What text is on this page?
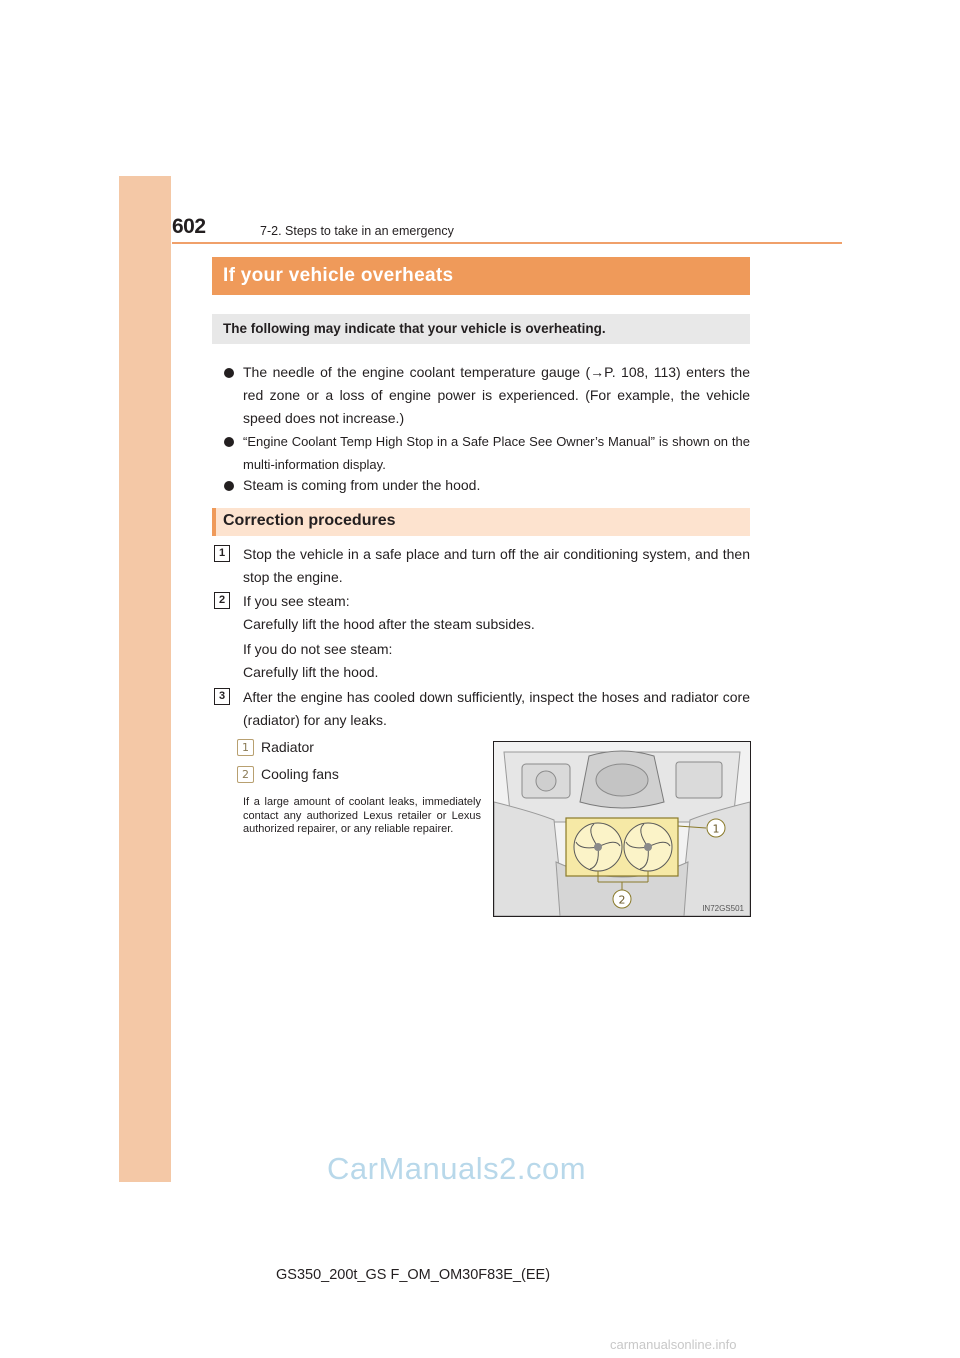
602	7-2. Steps to take in an emergency
If your vehicle overheats
The following may indicate that your vehicle is overheating.
The needle of the engine coolant temperature gauge (→P. 108, 113) enters the red zone or a loss of engine power is experienced. (For example, the vehicle speed does not increase.)
“Engine Coolant Temp High Stop in a Safe Place See Owner’s Manual” is shown on the multi-information display.
Steam is coming from under the hood.
Correction procedures
1	Stop the vehicle in a safe place and turn off the air conditioning system, and then stop the engine.
2	If you see steam:
Carefully lift the hood after the steam subsides.
If you do not see steam:
Carefully lift the hood.
3	After the engine has cooled down sufficiently, inspect the hoses and radiator core (radiator) for any leaks.
1 Radiator
2 Cooling fans
If a large amount of coolant leaks, immediately contact any authorized Lexus retailer or Lexus authorized repairer, or any reliable repairer.	1
2
IN72GS501
CarManuals2.com
GS350_200t_GS F_OM_OM30F83E_(EE)
carmanualsonline.info
